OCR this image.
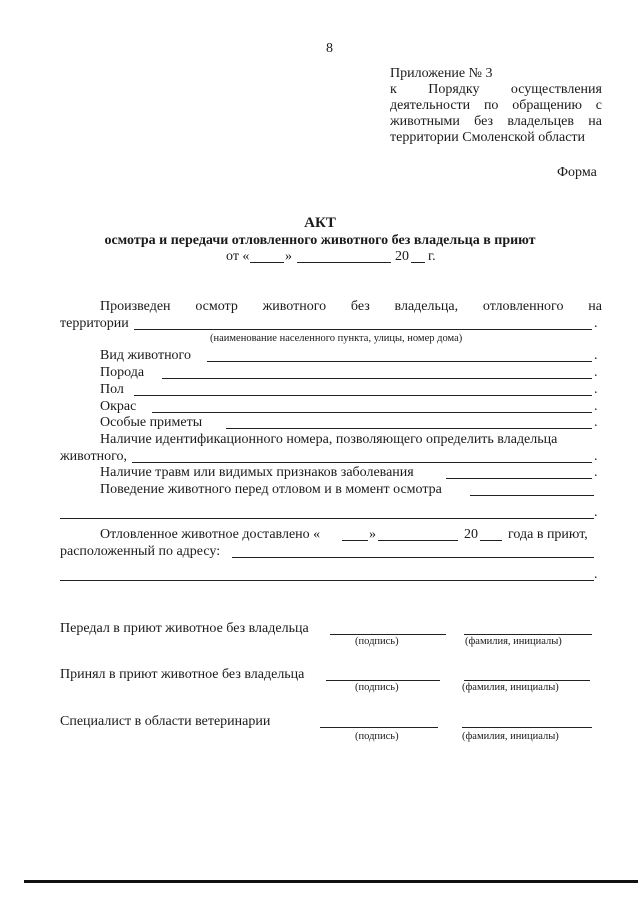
8
Приложение № 3
к Порядку осуществления
деятельности по обращению с
животными без владельцев на
территории Смоленской области
Форма
АКТ
осмотра и передачи отловленного животного без владельца в приют
от «	»	20 г.
Произведен осмотр животного без владельца, отловленного на
территории	.
(наименование населенного пункта, улицы, номер дома)
Вид животного	.
Порода	.
Пол	.
Окрас	.
Особые приметы	.
Наличие идентификационного номера, позволяющего определить владельца
животного,	.
Наличие травм или видимых признаков заболевания	.
Поведение животного перед отловом и в момент осмотра
.
Отловленное животное доставлено «	»	20 года в приют,
расположенный по адресу:
.
Передал в приют животное без владельца
(подпись)	(фамилия, инициалы)
Принял в приют животное без владельца
(подпись)	(фамилия, инициалы)
Специалист в области ветеринарии
(подпись)	(фамилия, инициалы)
